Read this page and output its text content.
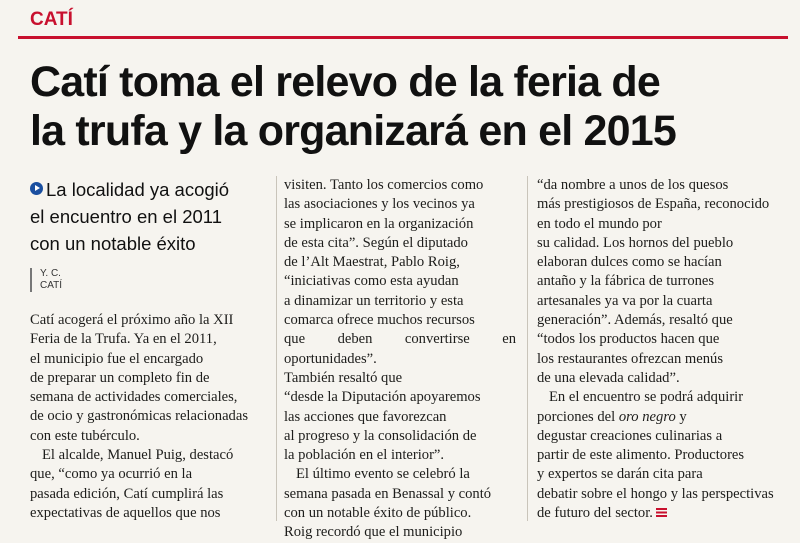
CATÍ
Catí toma el relevo de la feria de
la trufa y la organizará en el 2015
La localidad ya acogió
el encuentro en el 2011
con un notable éxito
Y. C.
CATÍ
Catí acogerá el próximo año la XII
Feria de la Trufa. Ya en el 2011,
el municipio fue el encargado
de preparar un completo fin de
semana de actividades comerciales,
de ocio y gastronómicas relacionadas
con este tubérculo.
El alcalde, Manuel Puig, destacó
que, “como ya ocurrió en la
pasada edición, Catí cumplirá las
expectativas de aquellos que nos
visiten. Tanto los comercios como
las asociaciones y los vecinos ya
se implicaron en la organización
de esta cita”. Según el diputado
de l’Alt Maestrat, Pablo Roig,
“iniciativas como esta ayudan
a dinamizar un territorio y esta
comarca ofrece muchos recursos
que deben convertirse en oportunidades”.
También resaltó que
“desde la Diputación apoyaremos
las acciones que favorezcan
al progreso y la consolidación de
la población en el interior”.
El último evento se celebró la
semana pasada en Benassal y contó
con un notable éxito de público.
Roig recordó que el municipio
“da nombre a unos de los quesos
más prestigiosos de España, reconocido
en todo el mundo por
su calidad. Los hornos del pueblo
elaboran dulces como se hacían
antaño y la fábrica de turrones
artesanales ya va por la cuarta
generación”. Además, resaltó que
“todos los productos hacen que
los restaurantes ofrezcan menús
de una elevada calidad”.
En el encuentro se podrá adquirir
porciones del oro negro y
degustar creaciones culinarias a
partir de este alimento. Productores
y expertos se darán cita para
debatir sobre el hongo y las perspectivas
de futuro del sector.
